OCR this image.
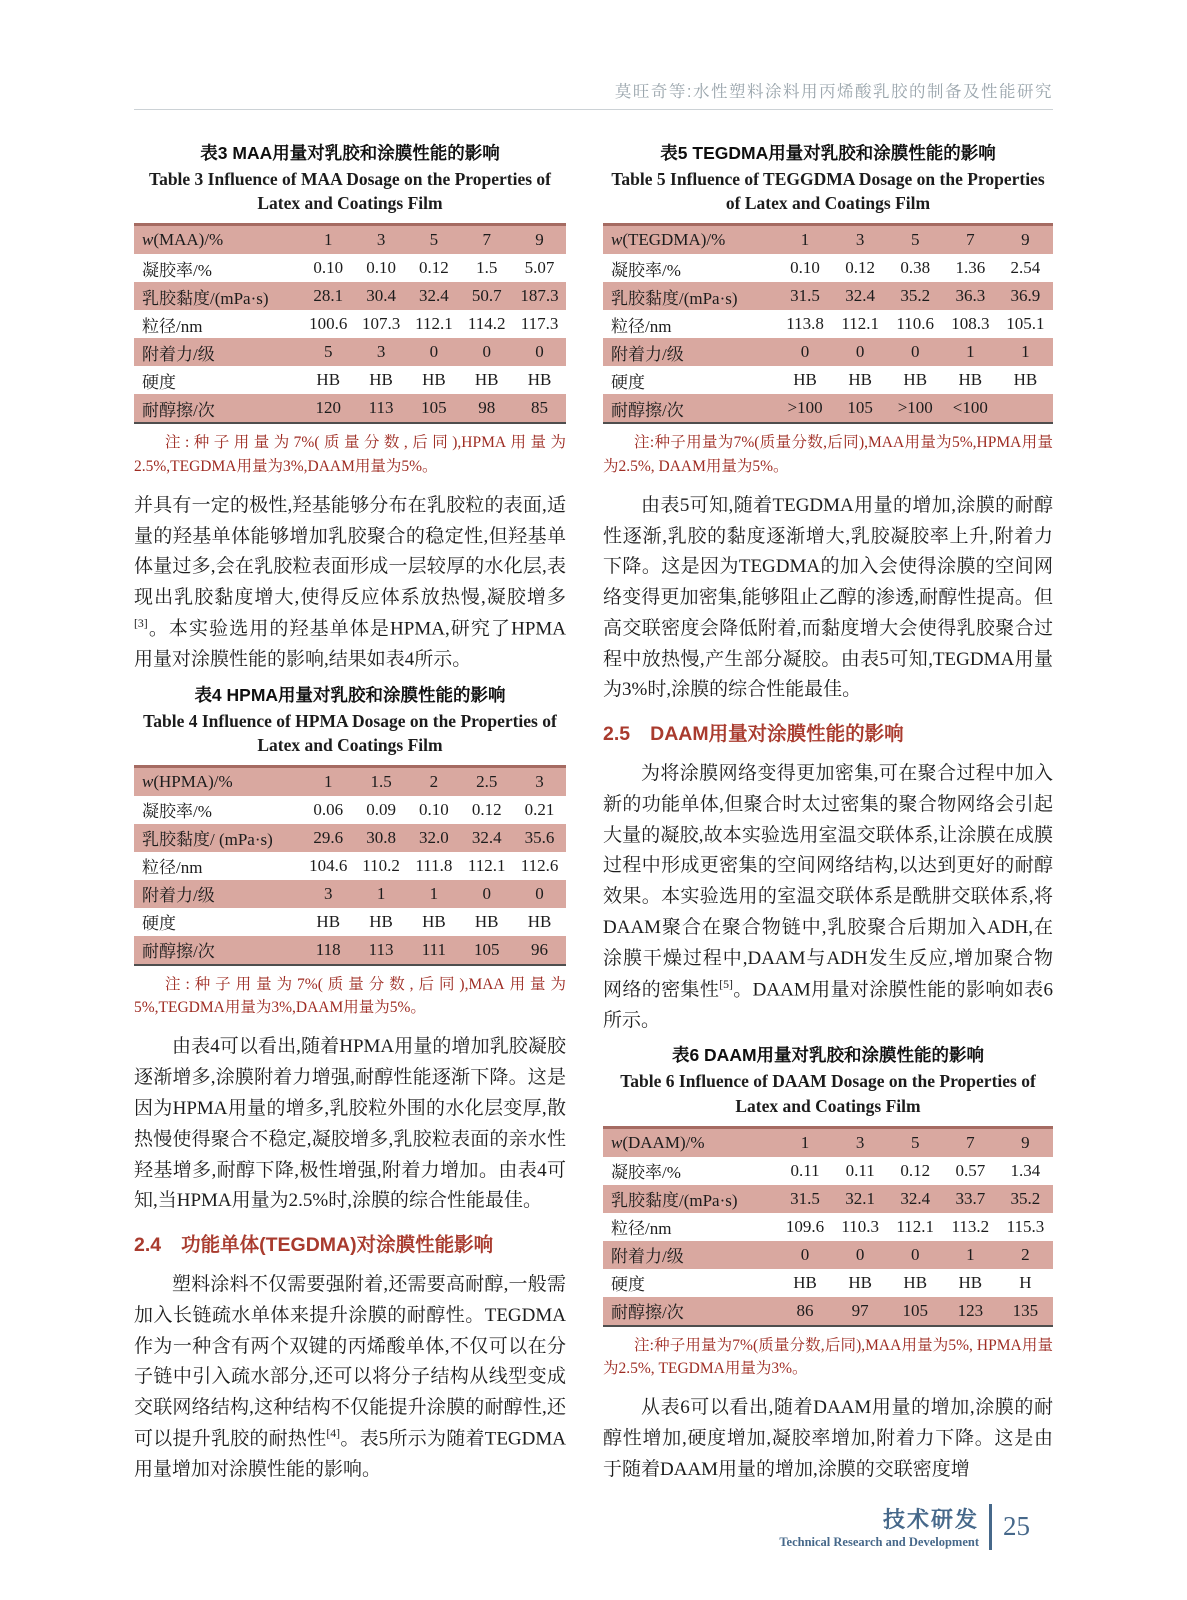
莫旺奇等:水性塑料涂料用丙烯酸乳胶的制备及性能研究
表3 MAA用量对乳胶和涂膜性能的影响
Table 3 Influence of MAA Dosage on the Properties of Latex and Coatings Film
w(MAA)/%	1	3	5	7	9
凝胶率/%	0.10	0.10	0.12	1.5	5.07
乳胶黏度/(mPa·s)	28.1	30.4	32.4	50.7	187.3
粒径/nm	100.6 107.3 112.1 114.2 117.3
附着力/级	5	3	0	0	0
硬度	HB	HB	HB	HB	HB
耐醇擦/次	120	113	105	98	85
注:种子用量为7%(质量分数,后同),HPMA用量为2.5%,TEGDMA用量为3%,DAAM用量为5%。

并具有一定的极性,羟基能够分布在乳胶粒的表面,适量的羟基单体能够增加乳胶聚合的稳定性,但羟基单体量过多,会在乳胶粒表面形成一层较厚的水化层,表现出乳胶黏度增大,使得反应体系放热慢,凝胶增多[3]。本实验选用的羟基单体是HPMA,研究了HPMA用量对涂膜性能的影响,结果如表4所示。

表4 HPMA用量对乳胶和涂膜性能的影响
Table 4 Influence of HPMA Dosage on the Properties of Latex and Coatings Film
w(HPMA)/%	1	1.5	2	2.5	3
凝胶率/%	0.06	0.09	0.10	0.12	0.21
乳胶黏度/ (mPa·s)	29.6	30.8	32.0	32.4	35.6
粒径/nm	104.6 110.2 111.8 112.1 112.6
附着力/级	3	1	1	0	0
硬度	HB	HB	HB	HB	HB
耐醇擦/次	118	113	111	105	96
注:种子用量为7%(质量分数,后同),MAA用量为5%,TEGDMA用量为3%,DAAM用量为5%。

由表4可以看出,随着HPMA用量的增加乳胶凝胶逐渐增多,涂膜附着力增强,耐醇性能逐渐下降。这是因为HPMA用量的增多,乳胶粒外围的水化层变厚,散热慢使得聚合不稳定,凝胶增多,乳胶粒表面的亲水性羟基增多,耐醇下降,极性增强,附着力增加。由表4可知,当HPMA用量为2.5%时,涂膜的综合性能最佳。

2.4 功能单体(TEGDMA)对涂膜性能影响

塑料涂料不仅需要强附着,还需要高耐醇,一般需加入长链疏水单体来提升涂膜的耐醇性。TEGDMA作为一种含有两个双键的丙烯酸单体,不仅可以在分子链中引入疏水部分,还可以将分子结构从线型变成交联网络结构,这种结构不仅能提升涂膜的耐醇性,还可以提升乳胶的耐热性[4]。表5所示为随着TEGDMA用量增加对涂膜性能的影响。

表5 TEGDMA用量对乳胶和涂膜性能的影响
Table 5 Influence of TEGGDMA Dosage on the Properties of Latex and Coatings Film
w(TEGDMA)/%	1	3	5	7	9
凝胶率/%	0.10	0.12	0.38	1.36	2.54
乳胶黏度/(mPa·s)	31.5	32.4	35.2	36.3	36.9
粒径/nm	113.8	112.1	110.6	108.3 105.1
附着力/级	0	0	0	1	1
硬度	HB	HB	HB	HB	HB
耐醇擦/次	>100	105	>100	<100
注:种子用量为7%(质量分数,后同),MAA用量为5%,HPMA用量为2.5%, DAAM用量为5%。

由表5可知,随着TEGDMA用量的增加,涂膜的耐醇性逐渐,乳胶的黏度逐渐增大,乳胶凝胶率上升,附着力下降。这是因为TEGDMA的加入会使得涂膜的空间网络变得更加密集,能够阻止乙醇的渗透,耐醇性提高。但高交联密度会降低附着,而黏度增大会使得乳胶聚合过程中放热慢,产生部分凝胶。由表5可知,TEGDMA用量为3%时,涂膜的综合性能最佳。

2.5 DAAM用量对涂膜性能的影响

为将涂膜网络变得更加密集,可在聚合过程中加入新的功能单体,但聚合时太过密集的聚合物网络会引起大量的凝胶,故本实验选用室温交联体系,让涂膜在成膜过程中形成更密集的空间网络结构,以达到更好的耐醇效果。本实验选用的室温交联体系是酰肼交联体系,将DAAM聚合在聚合物链中,乳胶聚合后期加入ADH,在涂膜干燥过程中,DAAM与ADH发生反应,增加聚合物网络的密集性[5]。DAAM用量对涂膜性能的影响如表6所示。

表6 DAAM用量对乳胶和涂膜性能的影响
Table 6 Influence of DAAM Dosage on the Properties of Latex and Coatings Film
w(DAAM)/%	1	3	5	7	9
凝胶率/%	0.11	0.11	0.12	0.57	1.34
乳胶黏度/(mPa·s)	31.5	32.1	32.4	33.7	35.2
粒径/nm	109.6	110.3	112.1	113.2	115.3
附着力/级	0	0	0	1	2
硬度	HB	HB	HB	HB	H
耐醇擦/次	86	97	105	123	135
注:种子用量为7%(质量分数,后同),MAA用量为5%, HPMA用量为2.5%, TEGDMA用量为3%。

从表6可以看出,随着DAAM用量的增加,涂膜的耐醇性增加,硬度增加,凝胶率增加,附着力下降。这是由于随着DAAM用量的增加,涂膜的交联密度增

技术研发
Technical Research and Development
25
